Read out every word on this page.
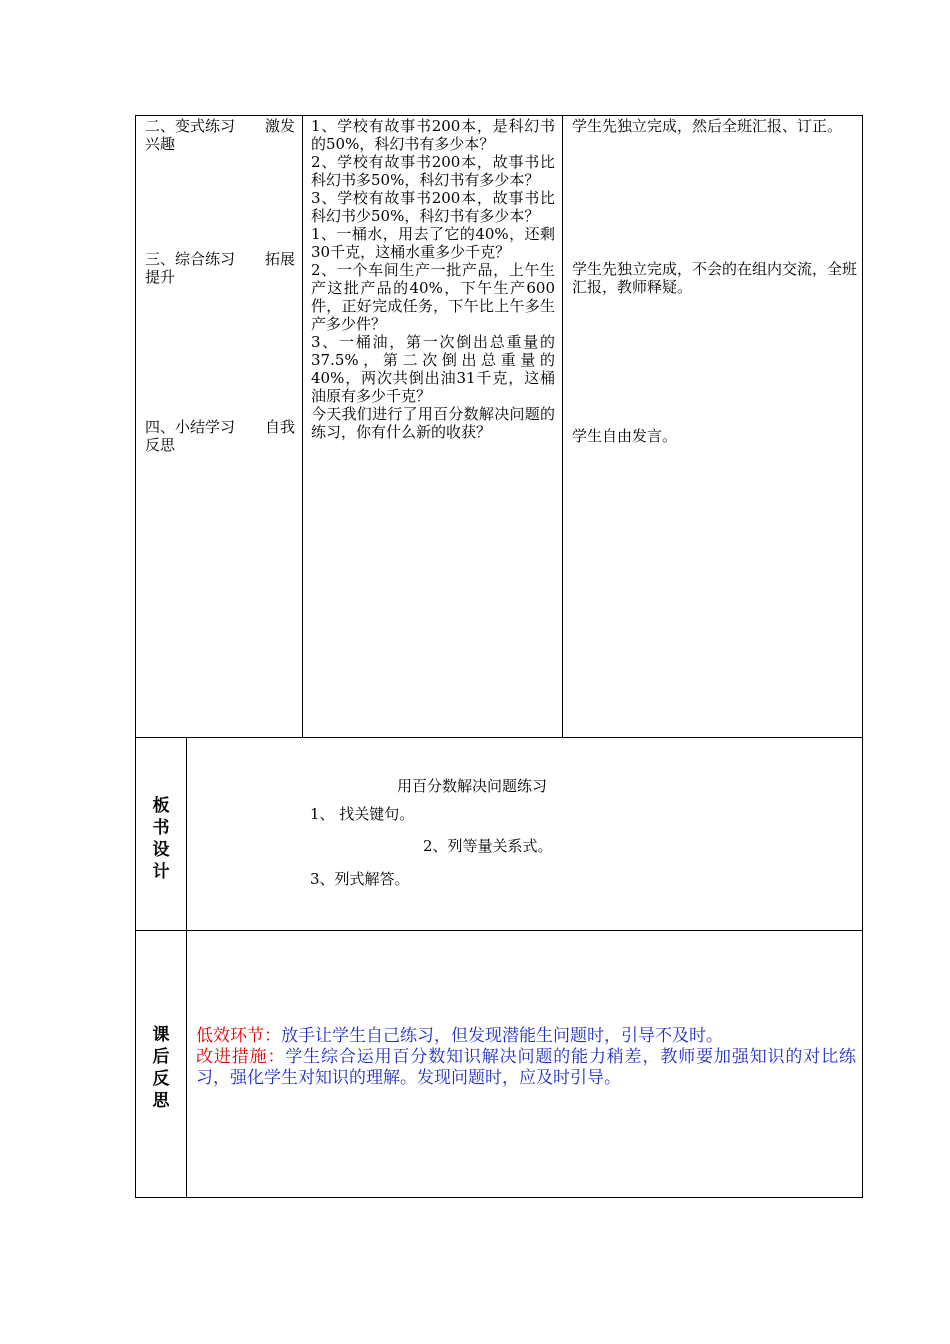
二、变式练习 激发
兴趣
三、综合练习 拓展
提升
四、小结学习 自我
反思

1、学校有故事书200本，是科幻书的50%，科幻书有多少本？

2、学校有故事书200本，故事书比科幻书多50%，科幻书有多少本？

3、学校有故事书200本，故事书比科幻书少50%，科幻书有多少本？

1、一桶水，用去了它的40%，还剩30千克，这桶水重多少千克？

2、一个车间生产一批产品，上午生产这批产品的40%，下午生产600件，正好完成任务，下午比上午多生产多少件？

3、一桶油，第一次倒出总重量的37.5%，第二次倒出总重量的40%，两次共倒出油31千克，这桶油原有多少千克？

今天我们进行了用百分数解决问题的练习，你有什么新的收获？

学生先独立完成，然后全班汇报、订正。
学生先独立完成，不会的在组内交流，全班汇报，教师释疑。
学生自由发言。
板
书
设
计
用百分数解决问题练习
1、 找关键句。
2、列等量关系式。
3、列式解答。
课
后
反
思

低效环节：放手让学生自己练习，但发现潜能生问题时，引导不及时。

改进措施：学生综合运用百分数知识解决问题的能力稍差，教师要加强知识的对比练习，强化学生对知识的理解。发现问题时，应及时引导。
